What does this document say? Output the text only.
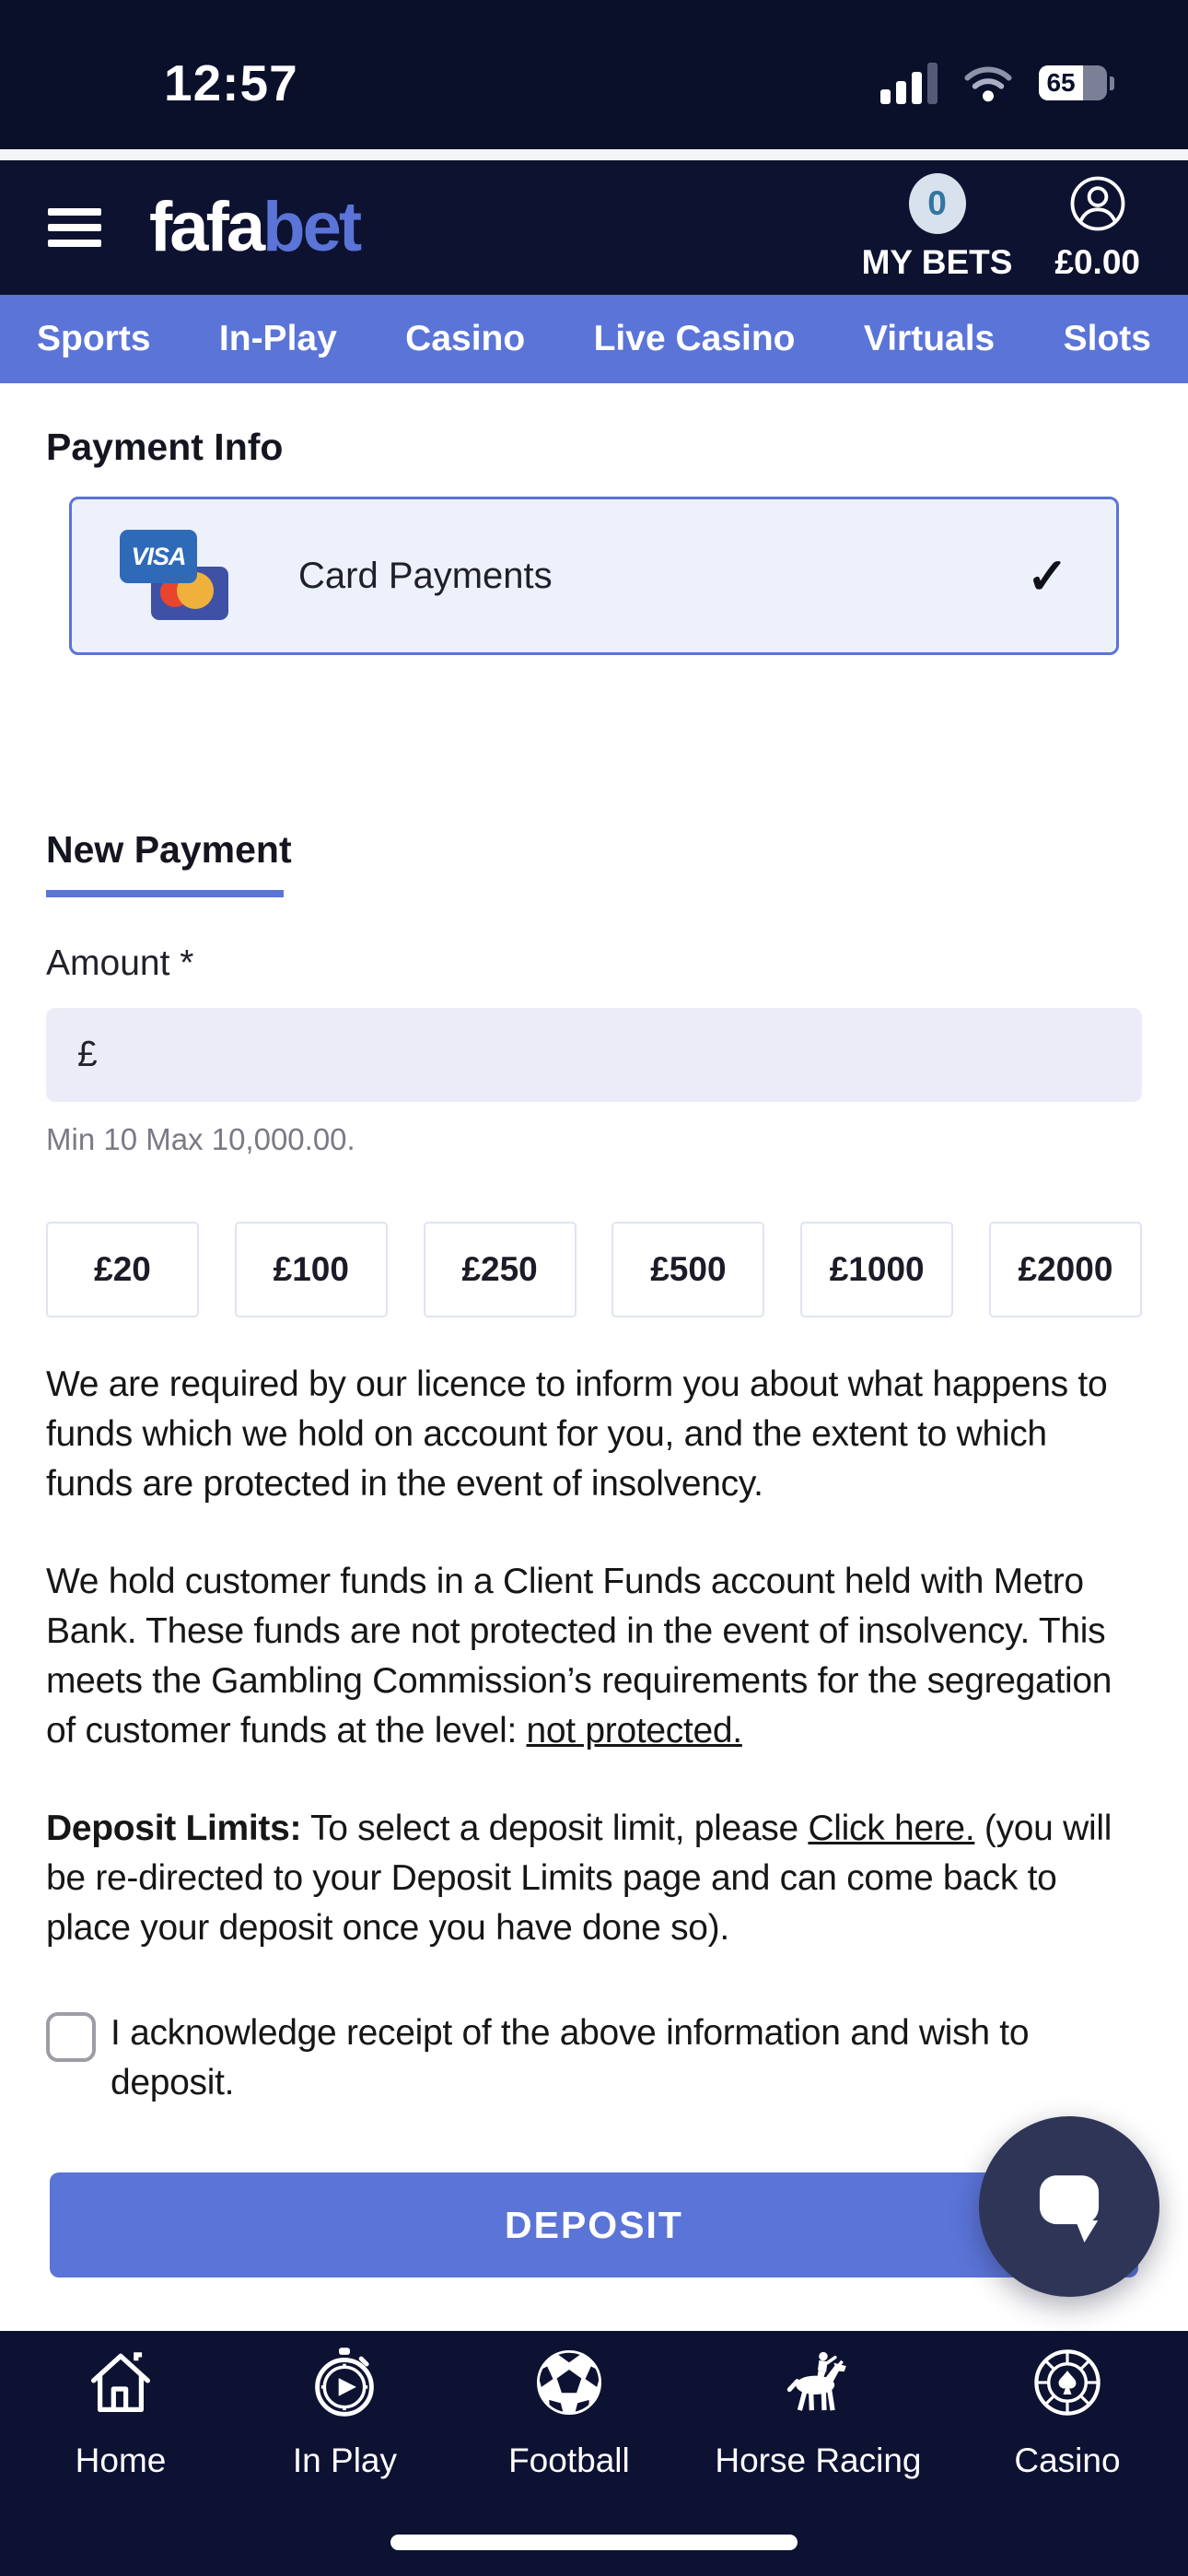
12:57	65
fafabet	0
MY BETS £0.00
Sports In-Play Casino Live Casino Virtuals Slots
Payment Info
VISA	Card Payments	✓
New Payment
Amount *
£
Min 10 Max 10,000.00.
£20	£100	£250	£500	£1000	£2000
We are required by our licence to inform you about what happens to funds which we hold on account for you, and the extent to which funds are protected in the event of insolvency.
We hold customer funds in a Client Funds account held with Metro Bank. These funds are not protected in the event of insolvency. This meets the Gambling Commission’s requirements for the segregation of customer funds at the level: not protected.
Deposit Limits: To select a deposit limit, please Click here. (you will be re-directed to your Deposit Limits page and can come back to place your deposit once you have done so).
I acknowledge receipt of the above information and wish to deposit.
DEPOSIT
Home	In Play	Football	Horse Racing	Casino
